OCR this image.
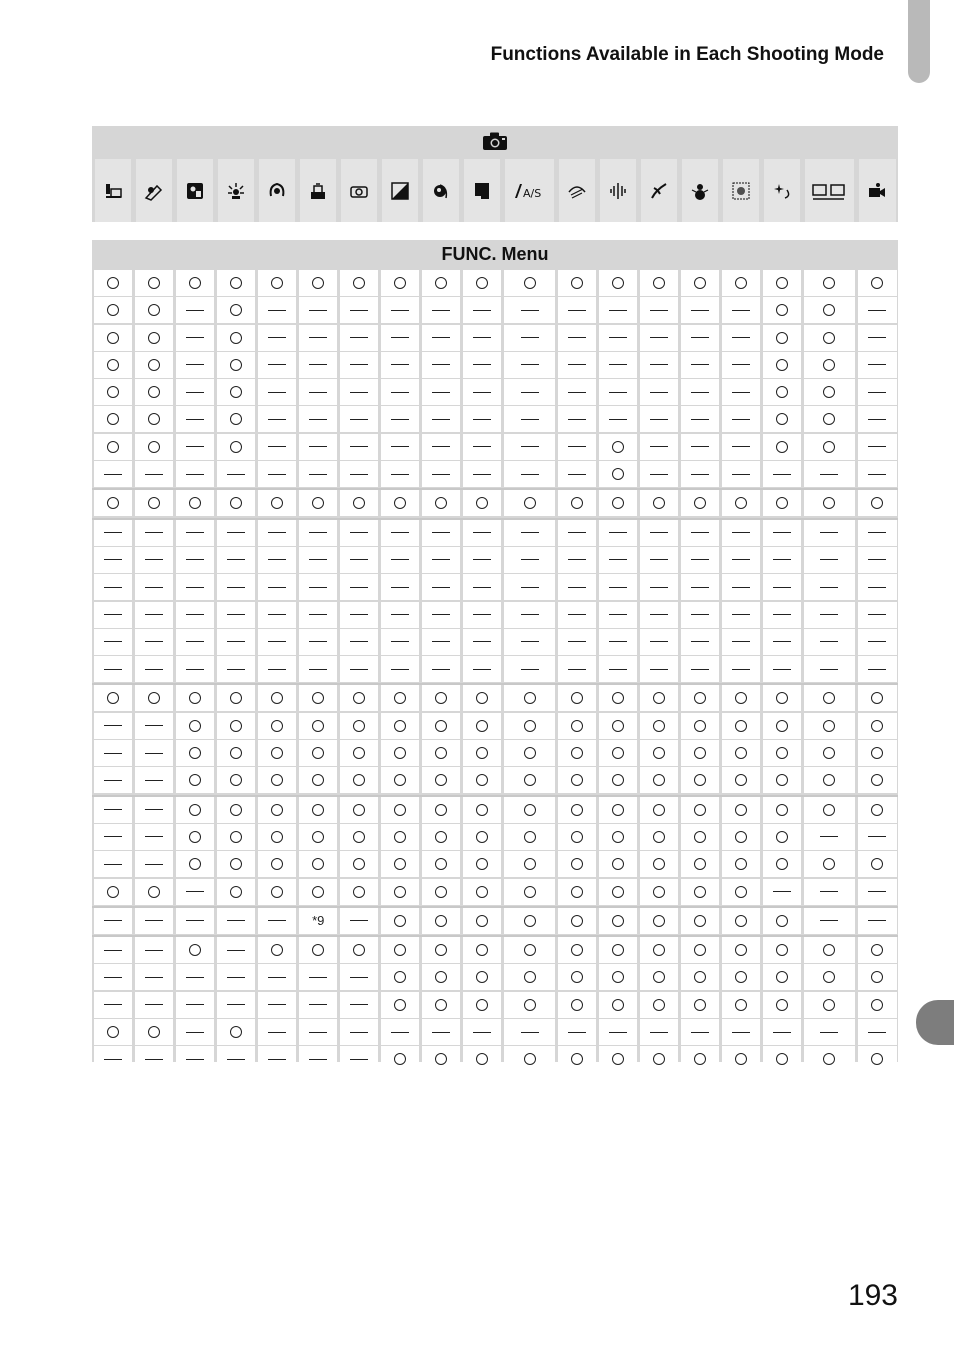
Functions Available in Each Shooting Mode
A/S
FUNC. Menu
*9
193
